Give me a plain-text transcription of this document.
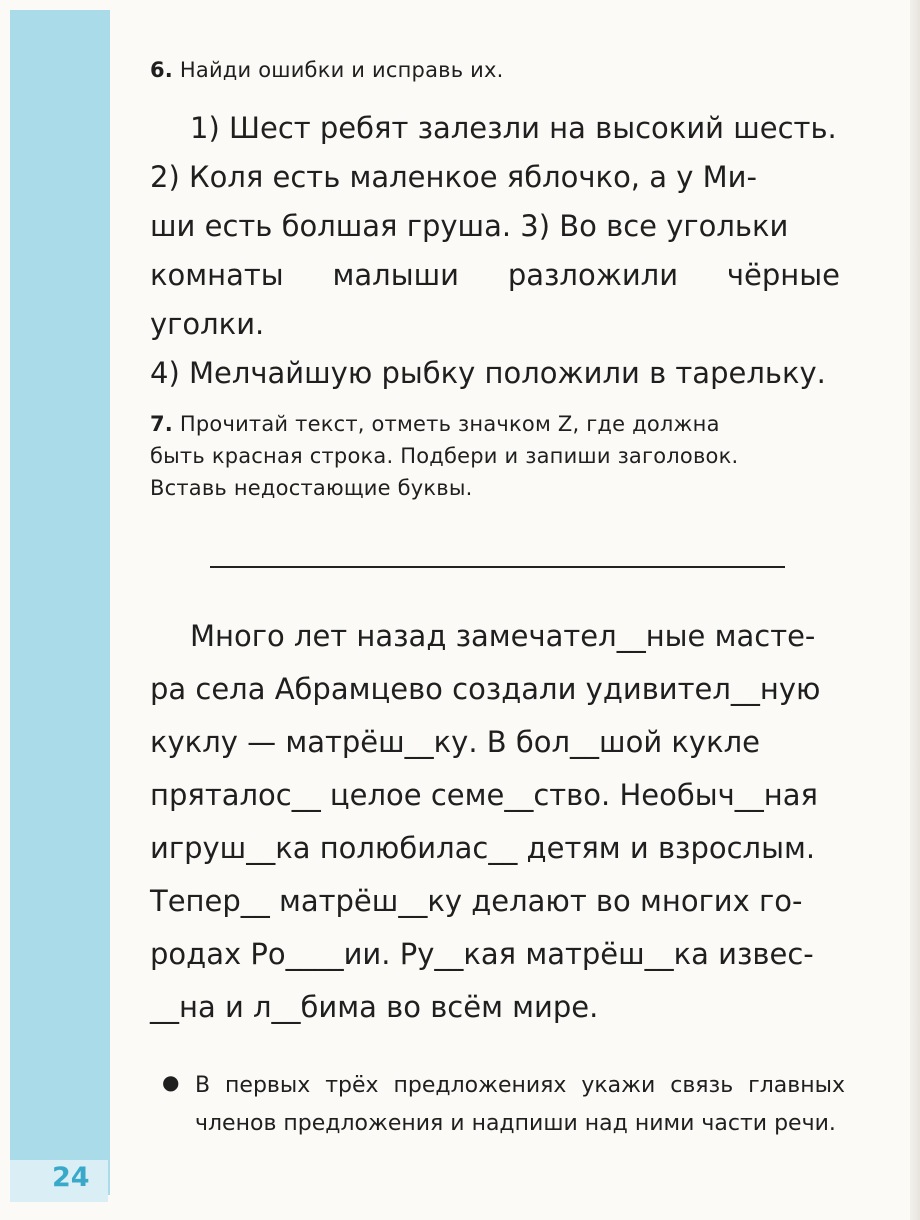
24
6. Найди ошибки и исправь их.

1) Шест ребят залезли на высокий шесть.

2) Коля есть маленкое яблочко, а у Ми-

ши есть болшая груша. 3) Во все угольки

комнаты малыши разложили чёрные уголки.

4) Мелчайшую рыбку положили в тарельку.

7. Прочитай текст, отметь значком Z, где должна
быть красная строка. Подбери и запиши заголовок.
Вставь недостающие буквы.

Много лет назад замечател__ные масте-

ра села Абрамцево создали удивител__ную

куклу — матрёш__ку. В бол__шой кукле

пряталос__ целое семе__ство. Необыч__ная

игруш__ка полюбилас__ детям и взрослым.

Тепер__ матрёш__ку делают во многих го-

родах Ро____ии. Ру__кая матрёш__ка извес-

__на и л__бима во всём мире.

● В первых трёх предложениях укажи связь главных членов предложения и надпиши над ними части речи.
